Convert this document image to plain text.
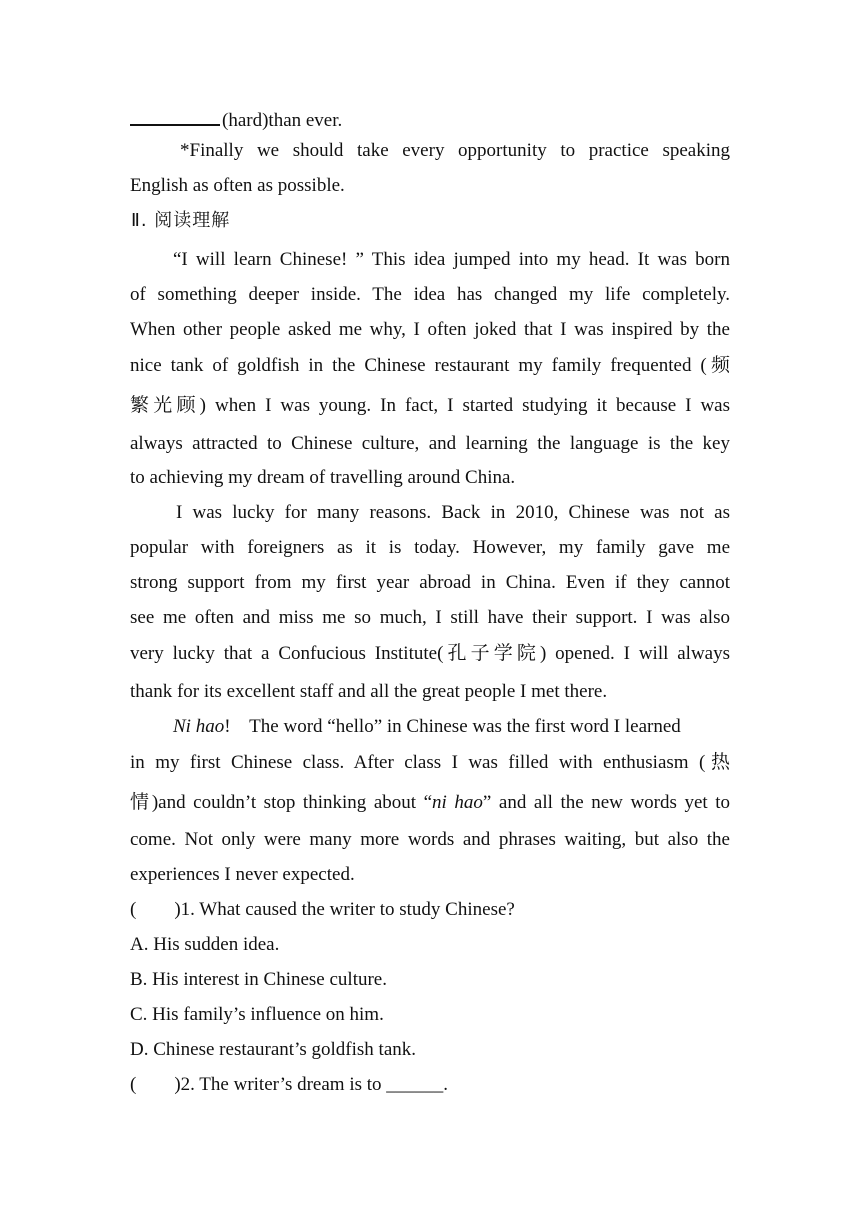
(hard)than ever.
*Finally we should take every opportunity to practice speaking
English as often as possible.
Ⅱ. 阅读理解
“I will learn Chinese! ” This idea jumped into my head. It was born
of something deeper inside. The idea has changed my life completely.
When other people asked me why, I often joked that I was inspired by the
nice tank of goldfish in the Chinese restaurant my family frequented (频
繁光顾) when I was young. In fact, I started studying it because I was
always attracted to Chinese culture, and learning the language is the key
to achieving my dream of travelling around China.
I was lucky for many reasons. Back in 2010, Chinese was not as
popular with foreigners as it is today. However, my family gave me
strong support from my first year abroad in China. Even if they cannot
see me often and miss me so much, I still have their support. I was also
very lucky that a Confucious Institute(孔子学院) opened. I will always
thank for its excellent staff and all the great people I met there.
Ni hao!    The word “hello” in Chinese was the first word I learned
in my first Chinese class. After class I was filled with enthusiasm (热
情)and couldn’t stop thinking about “ni hao” and all the new words yet to
come. Not only were many more words and phrases waiting, but also the
experiences I never expected.
(        )1. What caused the writer to study Chinese?
A. His sudden idea.
B. His interest in Chinese culture.
C. His family’s influence on him.
D. Chinese restaurant’s goldfish tank.
(        )2. The writer’s dream is to ______.
